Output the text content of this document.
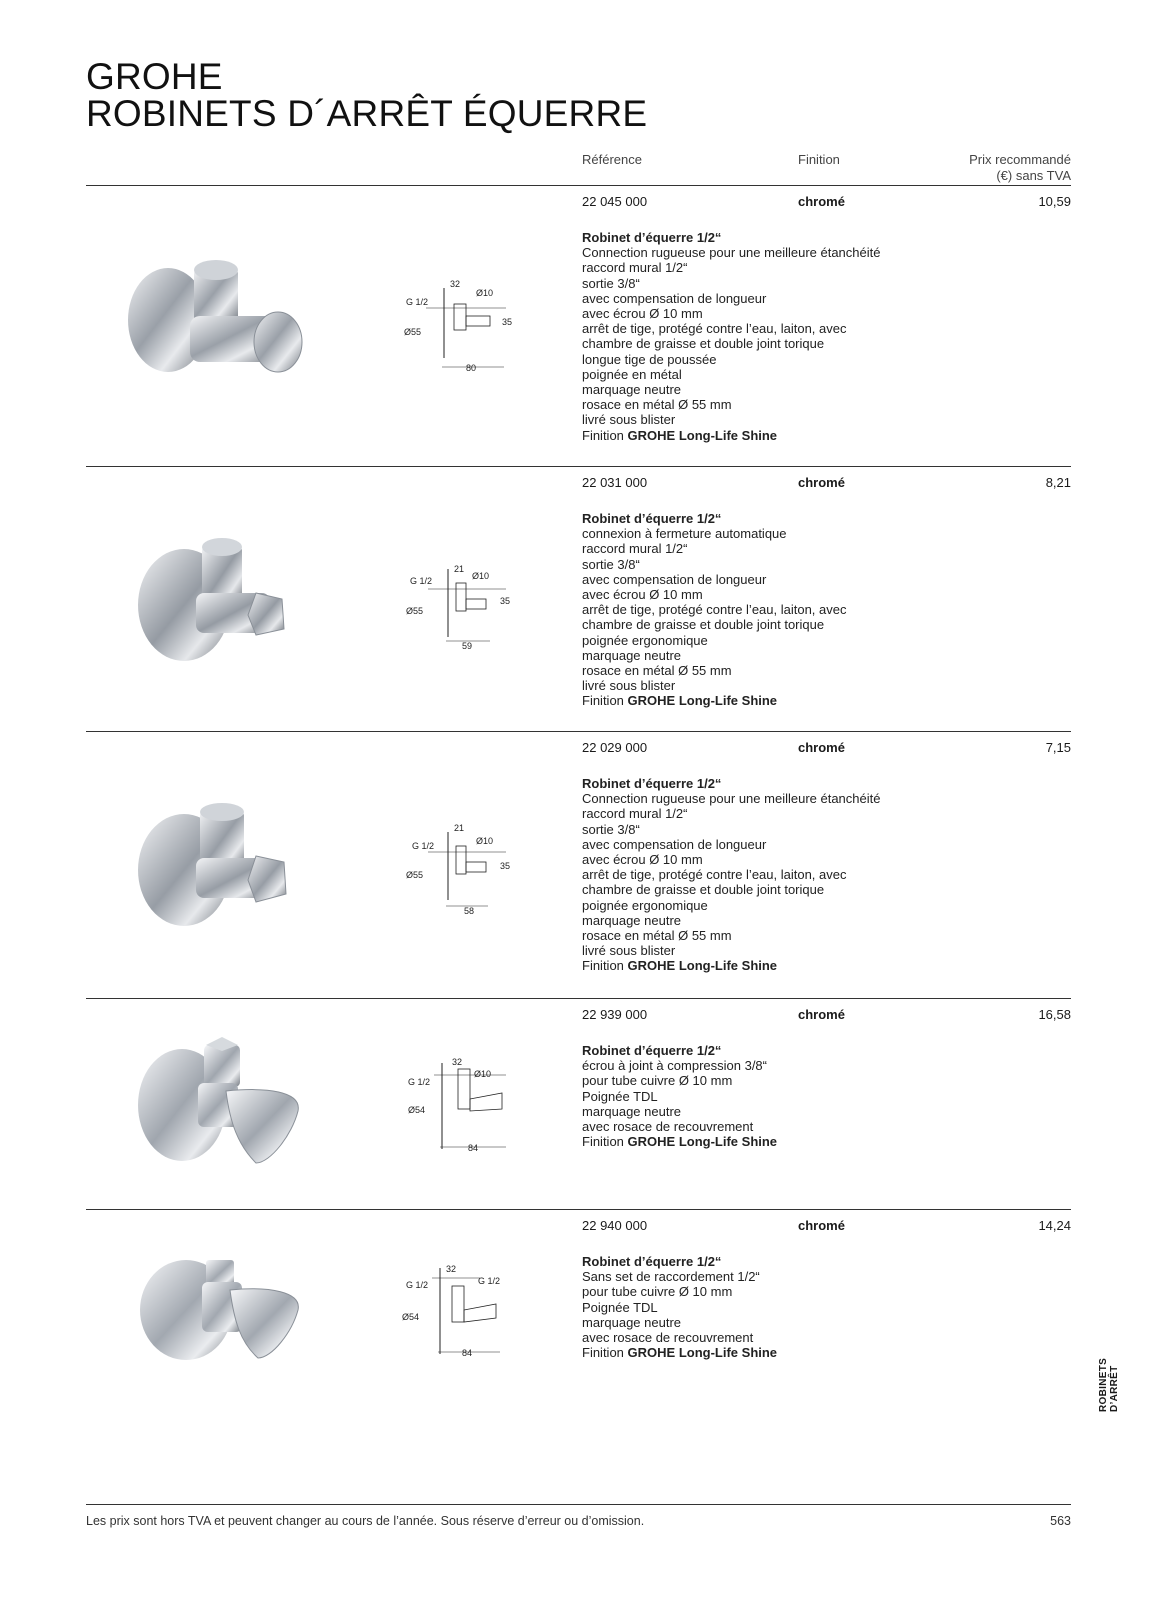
GROHE
ROBINETS D´ARRÊT ÉQUERRE
Référence	Finition	Prix recommandé
(€) sans TVA
22 045 000	chromé	10,59
G 1/2
Ø55
32
Ø10
35
80
Robinet d’équerre 1/2“
Connection rugueuse pour une meilleure étanchéité
raccord mural 1/2“
sortie 3/8“
avec compensation de longueur
avec écrou Ø 10 mm
arrêt de tige, protégé contre l’eau, laiton, avec
chambre de graisse et double joint torique
longue tige de poussée
poignée en métal
marquage neutre
rosace en métal Ø 55 mm
livré sous blister
Finition GROHE Long-Life Shine
22 031 000	chromé	8,21
G 1/2
Ø55
21
Ø10
35
59
Robinet d’équerre 1/2“
connexion à fermeture automatique
raccord mural 1/2“
sortie 3/8“
avec compensation de longueur
avec écrou Ø 10 mm
arrêt de tige, protégé contre l’eau, laiton, avec
chambre de graisse et double joint torique
poignée ergonomique
marquage neutre
rosace en métal Ø 55 mm
livré sous blister
Finition GROHE Long-Life Shine
22 029 000	chromé	7,15
G 1/2
Ø55
21
Ø10
35
58
Robinet d’équerre 1/2“
Connection rugueuse pour une meilleure étanchéité
raccord mural 1/2“
sortie 3/8“
avec compensation de longueur
avec écrou Ø 10 mm
arrêt de tige, protégé contre l’eau, laiton, avec
chambre de graisse et double joint torique
poignée ergonomique
marquage neutre
rosace en métal Ø 55 mm
livré sous blister
Finition GROHE Long-Life Shine
22 939 000	chromé	16,58
G 1/2
Ø54
32
Ø10
84
Robinet d’équerre 1/2“
écrou à joint à compression 3/8“
pour tube cuivre Ø 10 mm
Poignée TDL
marquage neutre
avec rosace de recouvrement
Finition GROHE Long-Life Shine
22 940 000	chromé	14,24
G 1/2
Ø54
32
G 1/2
84
Robinet d’équerre 1/2“
Sans set de raccordement 1/2“
pour tube cuivre Ø 10 mm
Poignée TDL
marquage neutre
avec rosace de recouvrement
Finition GROHE Long-Life Shine
ROBINETS D’ARRÊT
Les prix sont hors TVA et peuvent changer au cours de l’année. Sous réserve d’erreur ou d’omission.	563
